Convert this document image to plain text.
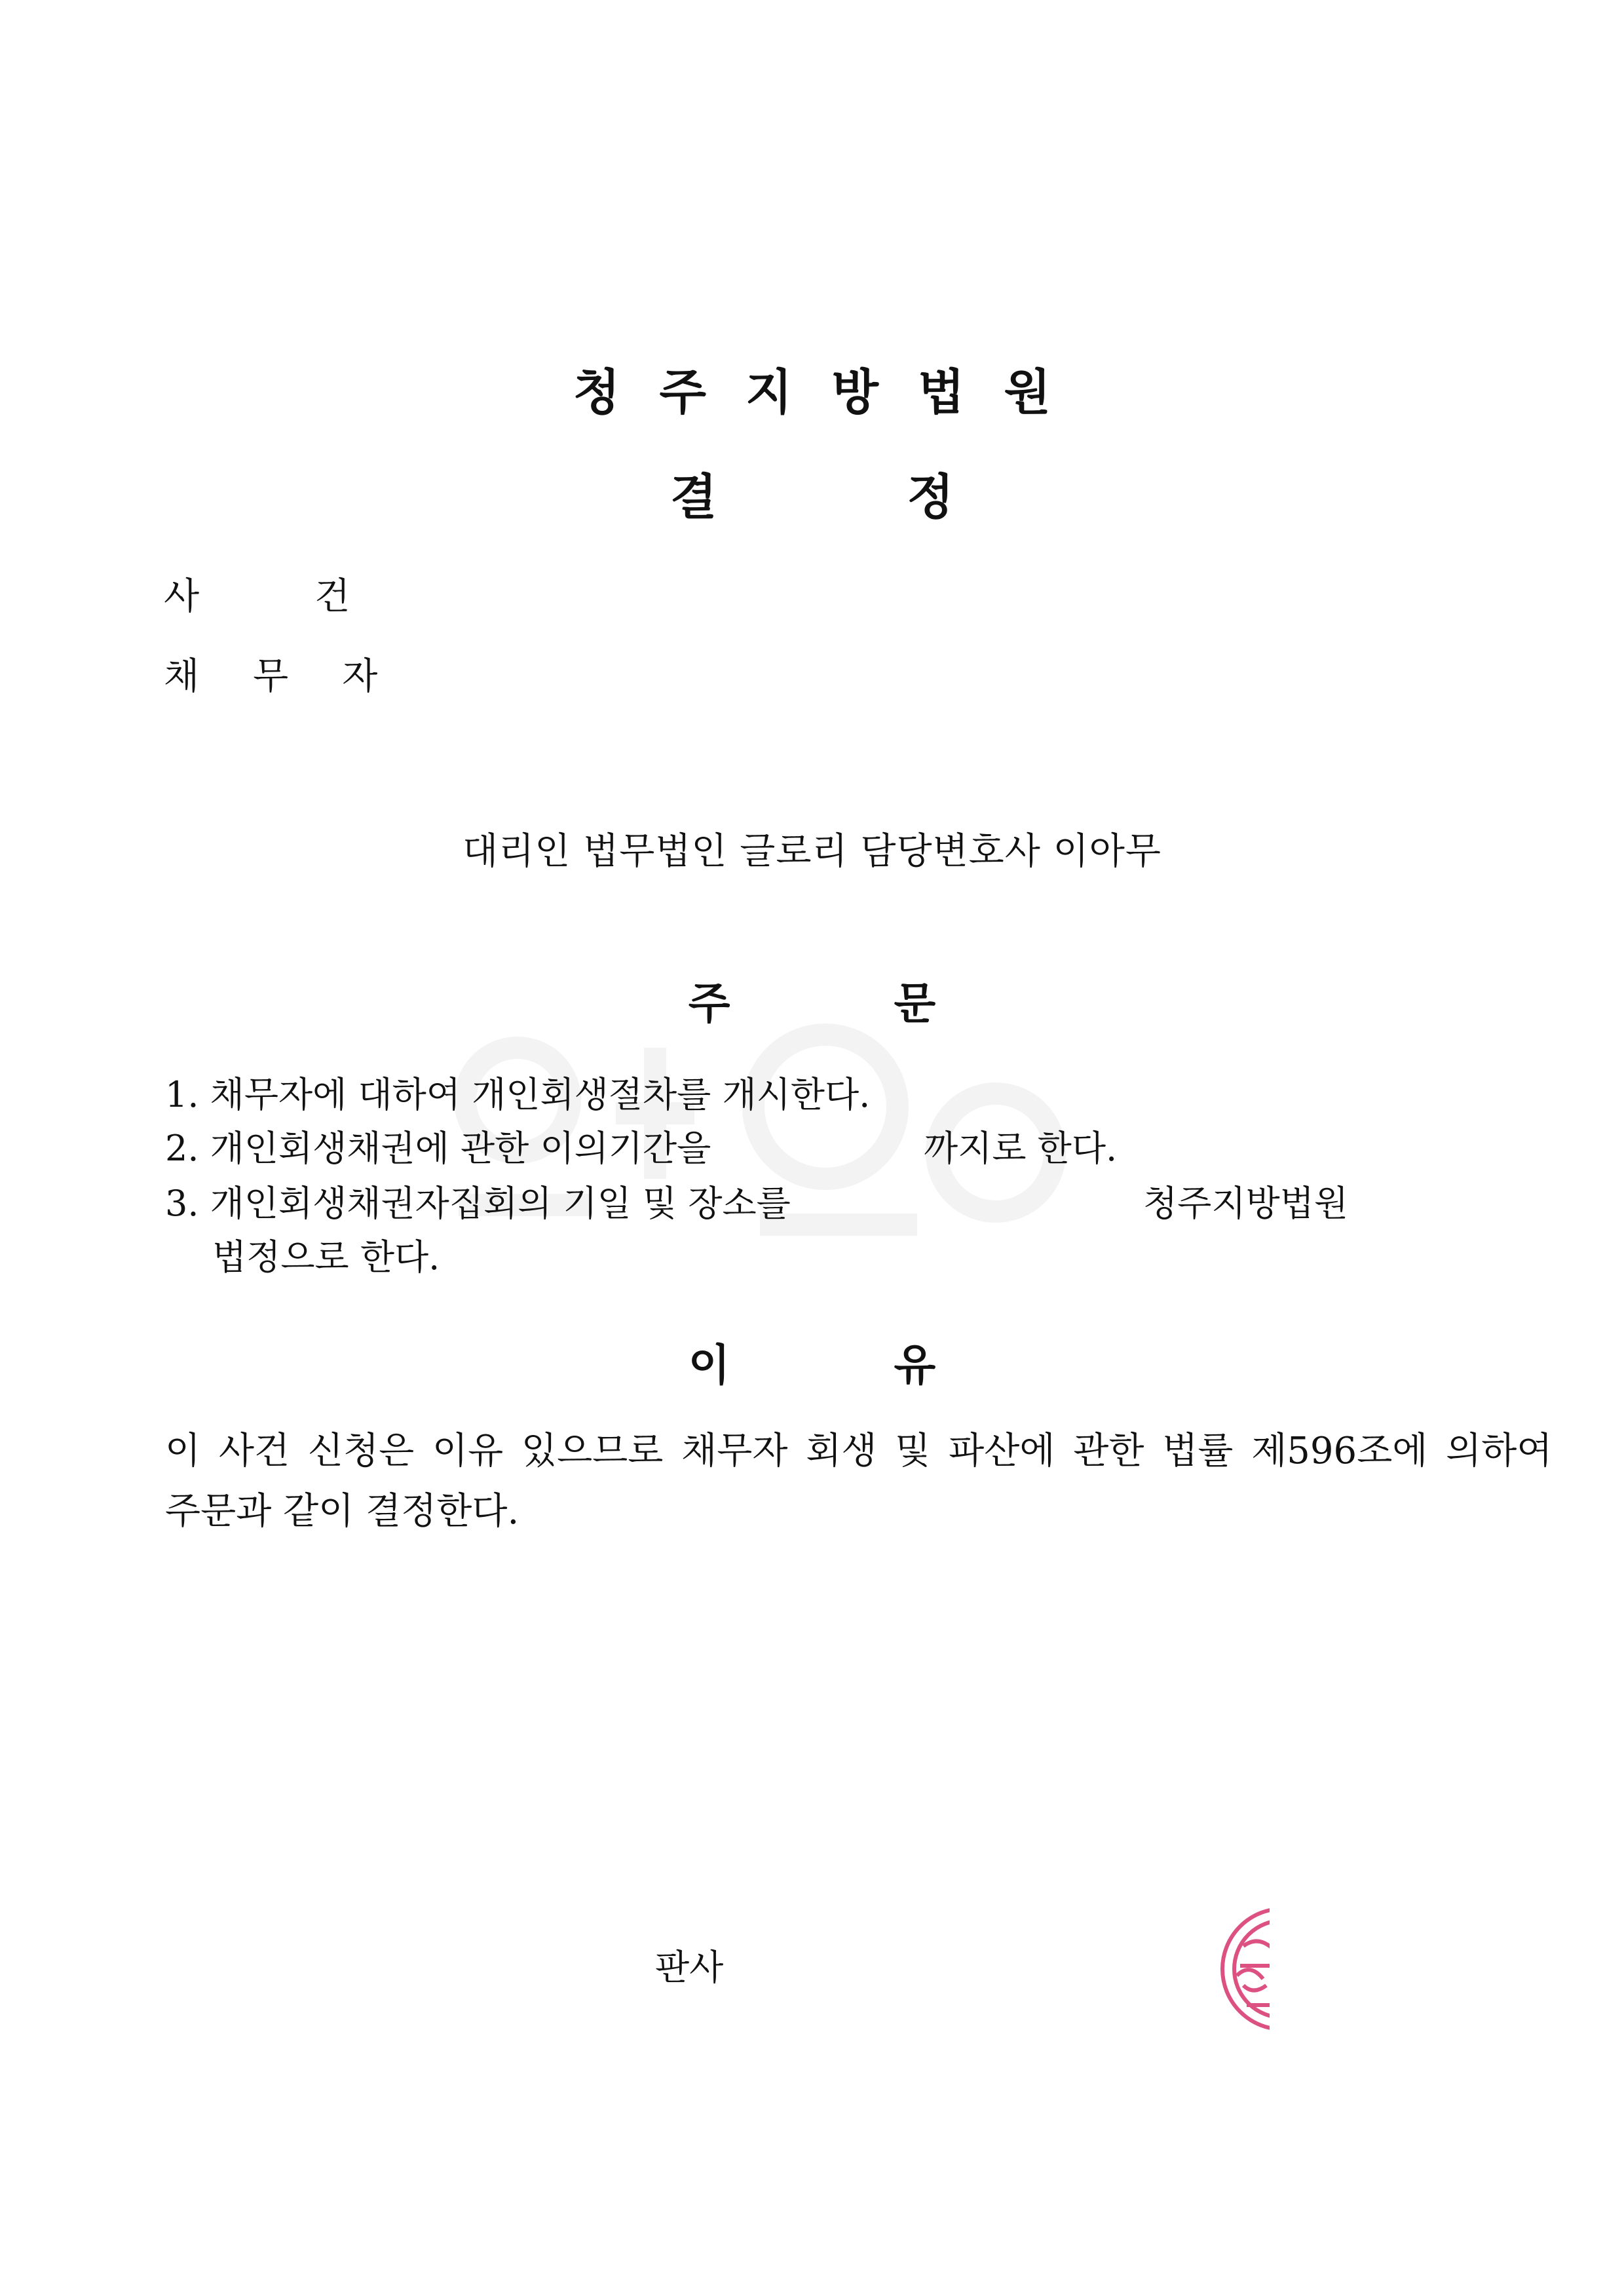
청주지방법원
결정
사건
채무자
대리인 법무법인 글로리 담당변호사 이아무
주문
1. 채무자에 대하여 개인회생절차를 개시한다.
2. 개인회생채권에 관한 이의기간을	까지로 한다.
3. 개인회생채권자집회의 기일 및 장소를	청주지방법원
법정으로 한다.
이유
이 사건 신청은 이유 있으므로 채무자 회생 및 파산에 관한 법률 제596조에 의하여
주문과 같이 결정한다.
판사
